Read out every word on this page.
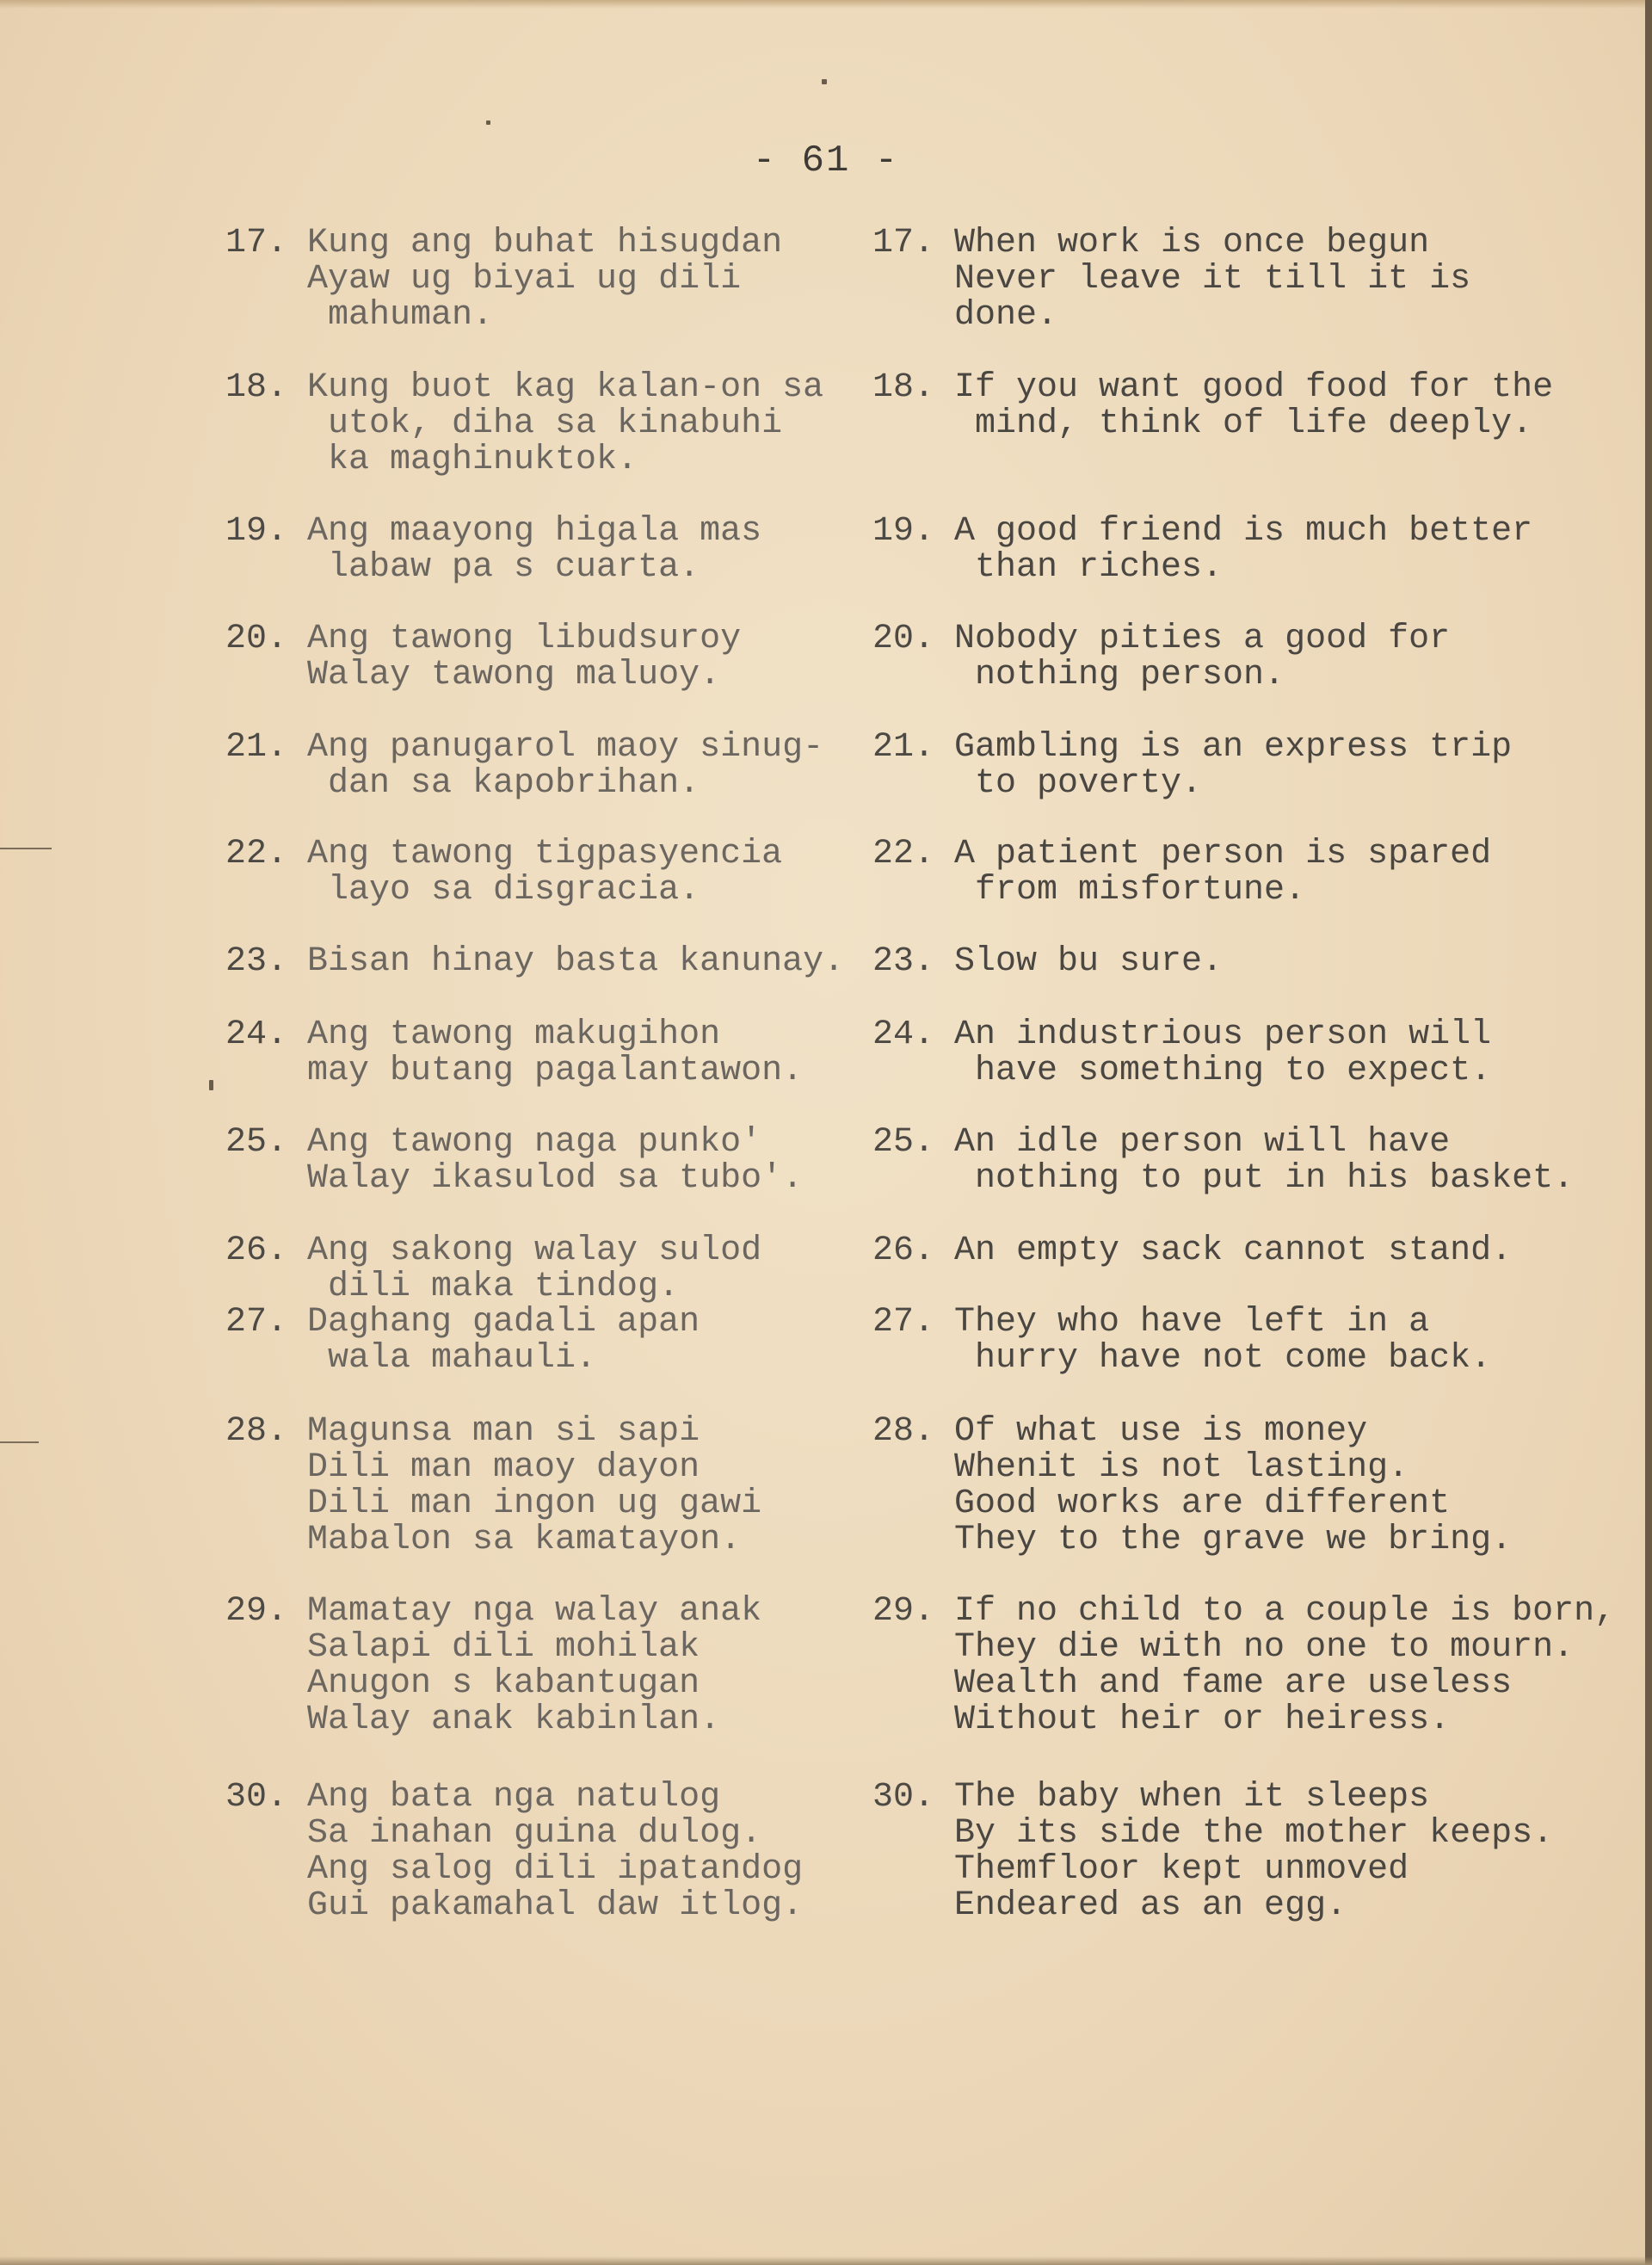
- 61 -
17. Kung ang buhat hisugdan
Ayaw ug biyai ug dili
mahuman.
18. Kung buot kag kalan-on sa
utok, diha sa kinabuhi
ka maghinuktok.
19. Ang maayong higala mas
labaw pa s cuarta.
20. Ang tawong libudsuroy
Walay tawong maluoy.
21. Ang panugarol maoy sinug-
dan sa kapobrihan.
22. Ang tawong tigpasyencia
layo sa disgracia.
23. Bisan hinay basta kanunay.
24. Ang tawong makugihon
may butang pagalantawon.
25. Ang tawong naga punko'
Walay ikasulod sa tubo'.
26. Ang sakong walay sulod
dili maka tindog.
27. Daghang gadali apan
wala mahauli.
28. Magunsa man si sapi
Dili man maoy dayon
Dili man ingon ug gawi
Mabalon sa kamatayon.
29. Mamatay nga walay anak
Salapi dili mohilak
Anugon s kabantugan
Walay anak kabinlan.
30. Ang bata nga natulog
Sa inahan guina dulog.
Ang salog dili ipatandog
Gui pakamahal daw itlog.
17. When work is once begun
Never leave it till it is
done.
18. If you want good food for the
mind, think of life deeply.
19. A good friend is much better
than riches.
20. Nobody pities a good for
nothing person.
21. Gambling is an express trip
to poverty.
22. A patient person is spared
from misfortune.
23. Slow bu sure.
24. An industrious person will
have something to expect.
25. An idle person will have
nothing to put in his basket.
26. An empty sack cannot stand.
27. They who have left in a
hurry have not come back.
28. Of what use is money
Whenit is not lasting.
Good works are different
They to the grave we bring.
29. If no child to a couple is born,
They die with no one to mourn.
Wealth and fame are useless
Without heir or heiress.
30. The baby when it sleeps
By its side the mother keeps.
Themfloor kept unmoved
Endeared as an egg.
